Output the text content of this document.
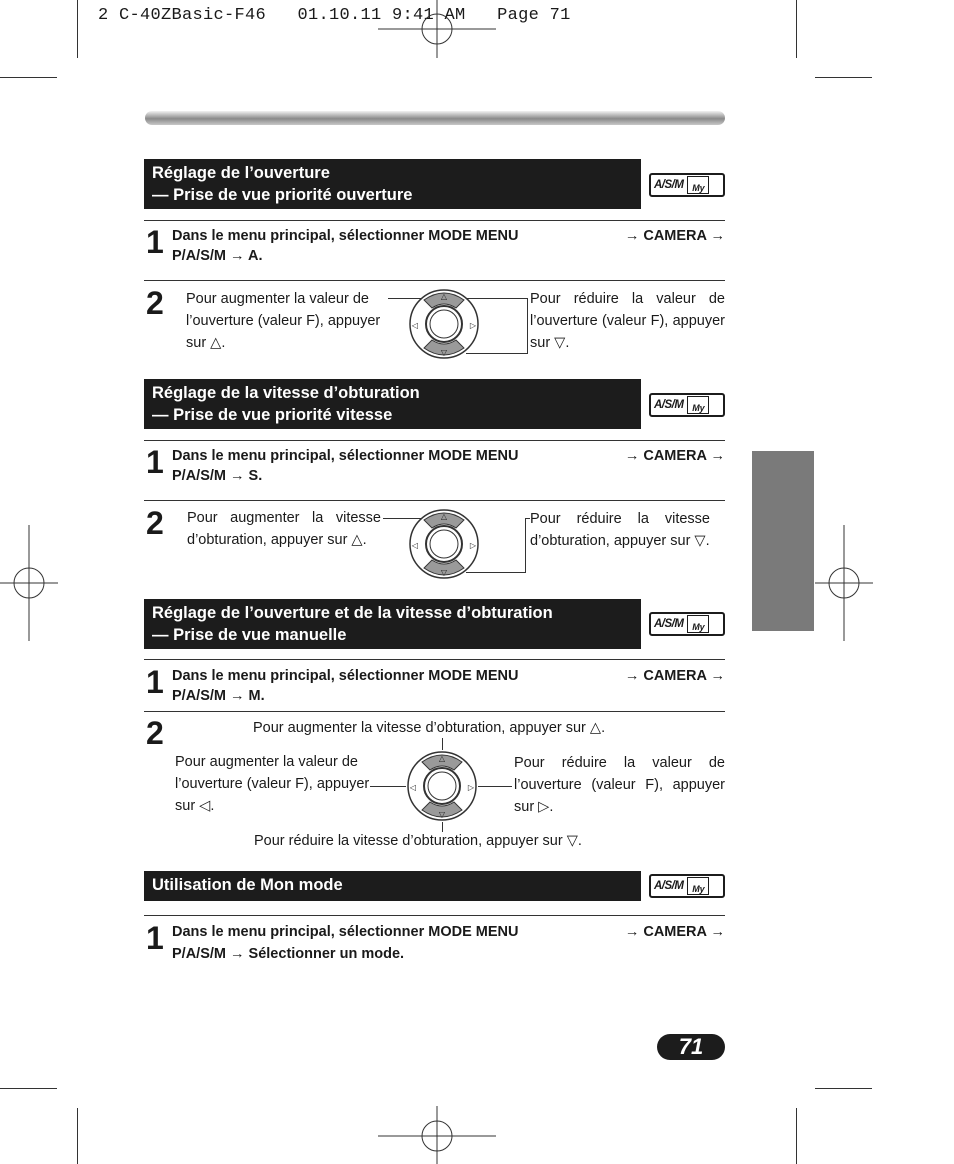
2 C-40ZBasic-F46   01.10.11 9:41 AM   Page 71
Réglage de l’ouverture
— Prise de vue priorité ouverture
A/S/M My
1 Dans le menu principal, sélectionner MODE MENU	→ CAMERA →
P/A/S/M → A.
2 Pour augmenter la valeur de l’ouverture (valeur F), appuyer sur △.
Pour réduire la valeur de l’ouverture (valeur F), appuyer sur ▽.
△
▽
◁	▷
Réglage de la vitesse d’obturation
— Prise de vue priorité vitesse
A/S/M My
1 Dans le menu principal, sélectionner MODE MENU	→ CAMERA →
P/A/S/M → S.
2 Pour augmenter la vitesse d’obturation, appuyer sur △.
Pour réduire la vitesse d’obturation, appuyer sur ▽.
△
▽
◁	▷
Réglage de l’ouverture et de la vitesse d’obturation
— Prise de vue manuelle
A/S/M My
1 Dans le menu principal, sélectionner MODE MENU	→ CAMERA →
P/A/S/M → M.
2	Pour augmenter la vitesse d’obturation, appuyer sur △.
Pour augmenter la valeur de l’ouverture (valeur F), appuyer sur ◁.
Pour réduire la valeur de l’ouverture (valeur F), appuyer sur ▷.
Pour réduire la vitesse d’obturation, appuyer sur ▽.
△
▽
◁	▷
Utilisation de Mon mode	A/S/M My
1 Dans le menu principal, sélectionner MODE MENU	→ CAMERA →
P/A/S/M → Sélectionner un mode.
71
